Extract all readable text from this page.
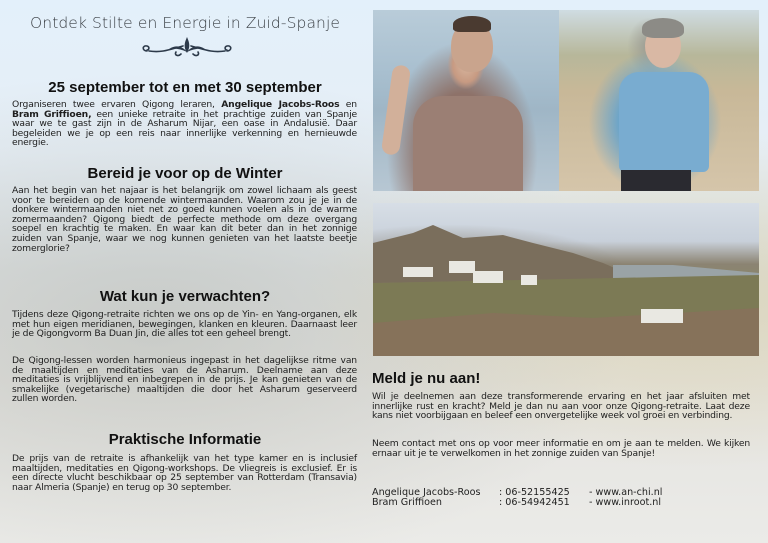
Ontdek Stilte en Energie in Zuid-Spanje
25 september tot en met 30 september
Organiseren twee ervaren Qigong leraren, Angelique Jacobs-Roos en Bram Griffioen, een unieke retraite in het prachtige zuiden van Spanje waar we te gast zijn in de Asharum Nijar, een oase in Andalusië. Daar begeleiden we je op een reis naar innerlijke verkenning en hernieuwde energie.
Bereid je voor op de Winter
Aan het begin van het najaar is het belangrijk om zowel lichaam als geest voor te bereiden op de komende wintermaanden. Waarom zou je je in de donkere wintermaanden niet net zo goed kunnen voelen als in de warme zomermaanden? Qigong biedt de perfecte methode om deze overgang soepel en krachtig te maken. En waar kan dit beter dan in het zonnige zuiden van Spanje, waar we nog kunnen genieten van het laatste beetje zomerglorie?
Wat kun je verwachten?
Tijdens deze Qigong-retraite richten we ons op de Yin- en Yang-organen, elk met hun eigen meridianen, bewegingen, klanken en kleuren. Daarnaast leer je de Qigongvorm Ba Duan Jin, die alles tot een geheel brengt.
De Qigong-lessen worden harmonieus ingepast in het dagelijkse ritme van de maaltijden en meditaties van de Asharum. Deelname aan deze meditaties is vrijblijvend en inbegrepen in de prijs. Je kan genieten van de smakelijke (vegetarische) maaltijden die door het Asharum geserveerd zullen worden.
Praktische Informatie
De prijs van de retraite is afhankelijk van het type kamer en is inclusief maaltijden, meditaties en Qigong-workshops. De vliegreis is exclusief. Er is een directe vlucht beschikbaar op 25 september van Rotterdam (Transavia) naar Almeria (Spanje) en terug op 30 september.
Meld je nu aan!
Wil je deelnemen aan deze transformerende ervaring en het jaar afsluiten met innerlijke rust en kracht? Meld je dan nu aan voor onze Qigong-retraite. Laat deze kans niet voorbijgaan en beleef een onvergetelijke week vol groei en verbinding.
Neem contact met ons op voor meer informatie en om je aan te melden. We kijken ernaar uit je te verwelkomen in het zonnige zuiden van Spanje!
Angelique Jacobs-Roos	: 06-52155425	- www.an-chi.nl
Bram Griffioen	: 06-54942451	- www.inroot.nl
